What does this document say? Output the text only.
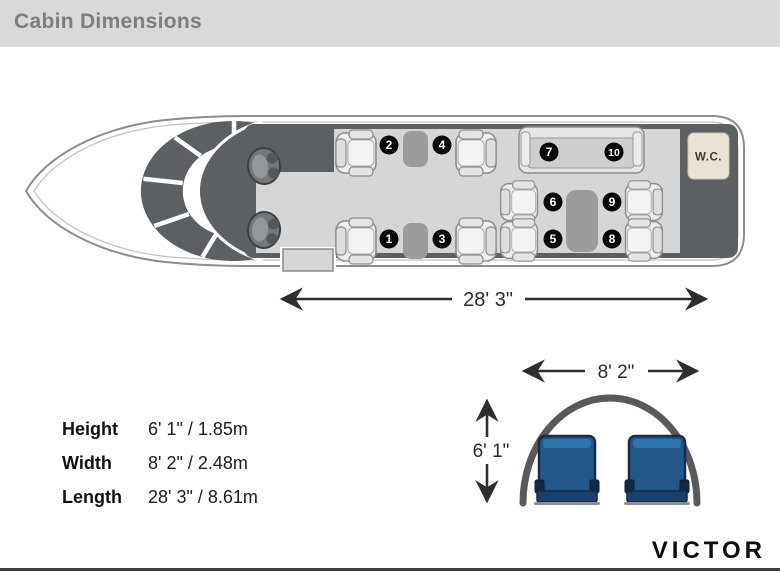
Cabin Dimensions
W.C.
1
2
3
4
5
6
7
8
9
10
28' 3"
8' 2"
6' 1"
Height	6' 1" / 1.85m
Width	8' 2" / 2.48m
Length	28' 3" / 8.61m
VICTOR
